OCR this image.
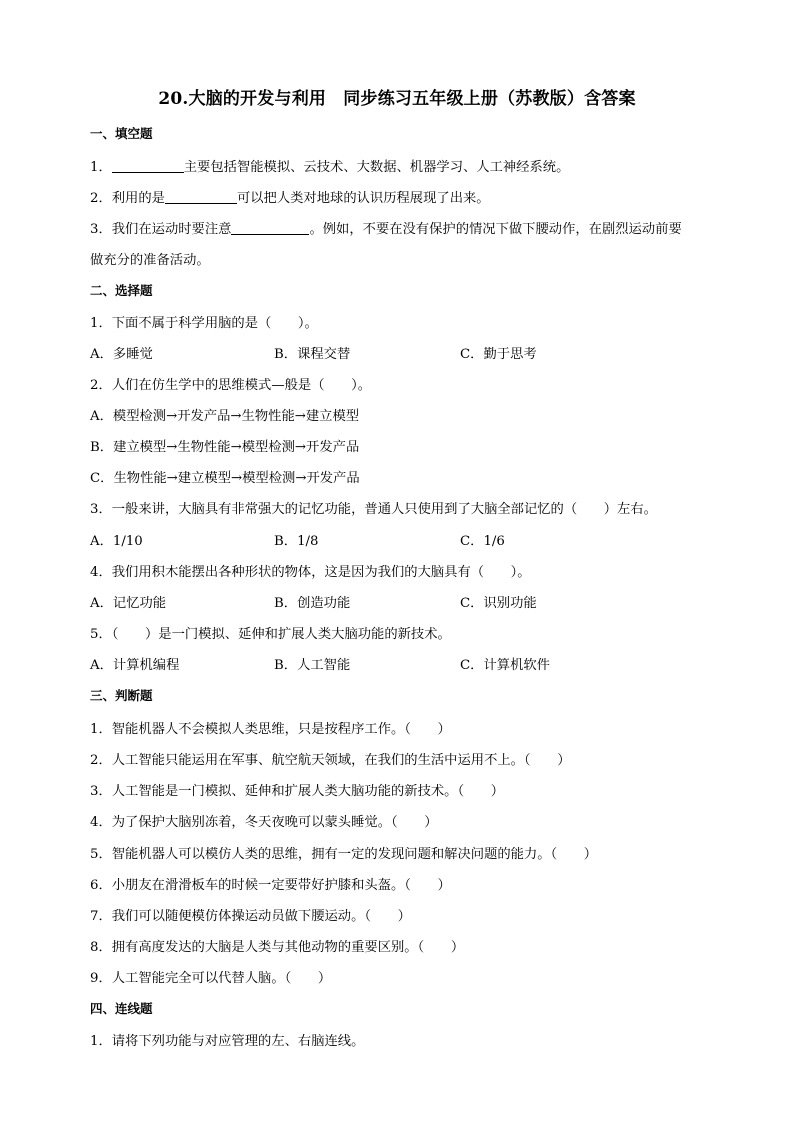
20.大脑的开发与利用　同步练习五年级上册（苏教版）含答案
一、填空题
1．	主要包括智能模拟、云技术、大数据、机器学习、人工神经系统。
2．利用的是	可以把人类对地球的认识历程展现了出来。
3．我们在运动时要注意	。例如，不要在没有保护的情况下做下腰动作，在剧烈运动前要
做充分的准备活动。
二、选择题
1．下面不属于科学用脑的是（　　）。
A．多睡觉	B．课程交替	C．勤于思考
2．人们在仿生学中的思维模式—般是（　　）。
A．模型检测→开发产品→生物性能→建立模型
B．建立模型→生物性能→模型检测→开发产品
C．生物性能→建立模型→模型检测→开发产品
3．一般来讲，大脑具有非常强大的记忆功能，普通人只使用到了大脑全部记忆的（　　）左右。
A．1/10	B．1/8	C．1/6
4．我们用积木能摆出各种形状的物体，这是因为我们的大脑具有（　　）。
A．记忆功能	B．创造功能	C．识别功能
5．（　　）是一门模拟、延伸和扩展人类大脑功能的新技术。
A．计算机编程	B．人工智能	C．计算机软件
三、判断题
1．智能机器人不会模拟人类思维，只是按程序工作。（　　）
2．人工智能只能运用在军事、航空航天领域，在我们的生活中运用不上。（　　）
3．人工智能是一门模拟、延伸和扩展人类大脑功能的新技术。（　　）
4．为了保护大脑别冻着，冬天夜晚可以蒙头睡觉。（　　）
5．智能机器人可以模仿人类的思维，拥有一定的发现问题和解决问题的能力。（　　）
6．小朋友在滑滑板车的时候一定要带好护膝和头盔。（　　）
7．我们可以随便模仿体操运动员做下腰运动。（　　）
8．拥有高度发达的大脑是人类与其他动物的重要区别。（　　）
9．人工智能完全可以代替人脑。（　　）
四、连线题
1．请将下列功能与对应管理的左、右脑连线。
